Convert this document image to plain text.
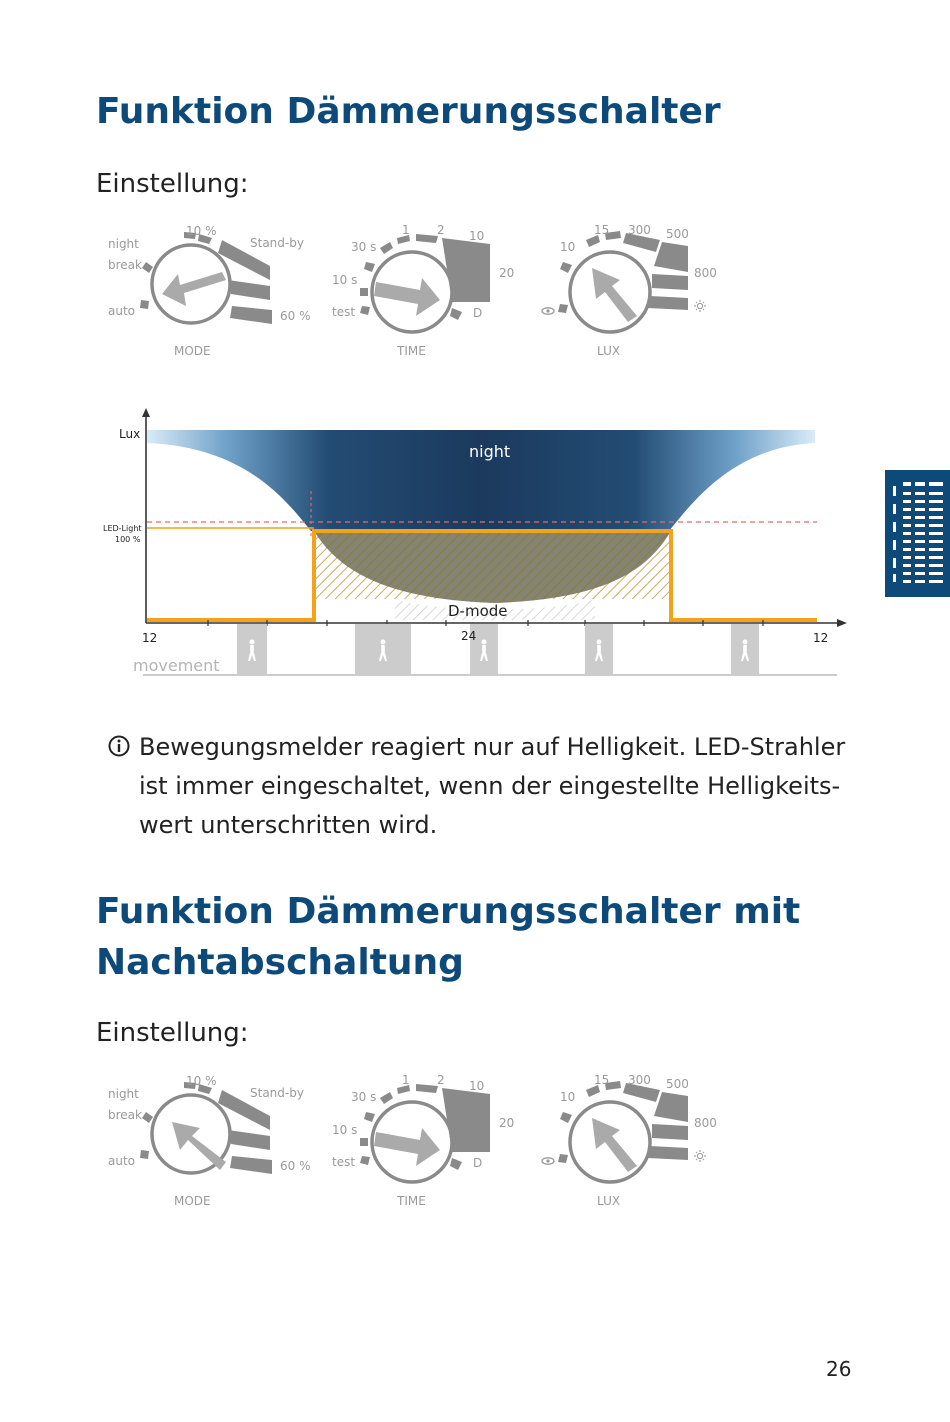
Funktion Dämmerungsschalter
Einstellung:
night
break
auto
10 %
Stand-by
60 %
MODE
30 s
1 2 10
20
10 s
test	D
TIME
10
15 300 500
800
LUX
night
Lux
LED-Light
100 %
movement
D-mode
12	24	12
Bewegungsmelder reagiert nur auf Helligkeit. LED-Strahler
ist immer eingeschaltet, wenn der eingestellte Helligkeits-
wert unterschritten wird.
Funktion Dämmerungsschalter mit
Nachtabschaltung
Einstellung:
night
break
auto
10 %
Stand-by
60 %
MODE
30 s
1 2 10
20
10 s
test	D
TIME
10
15 300 500
800
LUX
26
